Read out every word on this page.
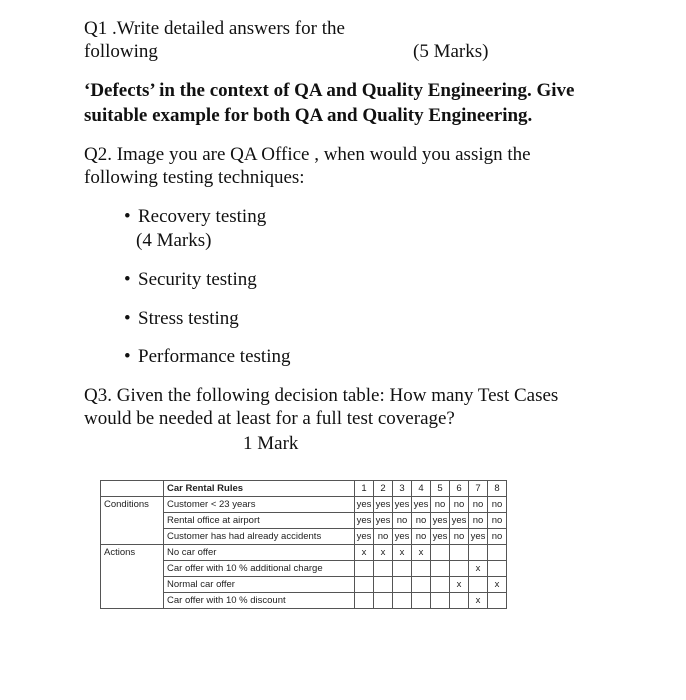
Q1 .Write detailed answers for the
following	(5 Marks)
‘Defects’ in the context of QA and Quality Engineering. Give
suitable example for both QA and Quality Engineering.
Q2. Image you are QA Office , when would you assign the
following testing techniques:
• Recovery testing
(4 Marks)
• Security testing
• Stress testing
• Performance testing
Q3. Given the following decision table: How many Test Cases
would be needed at least for a full test coverage?
1 Mark
	Car Rental Rules	1	2	3	4	5	6	7	8
Conditions	Customer < 23 years	yes	yes	yes	yes	no	no	no	no
	Rental office at airport	yes	yes	no	no	yes	yes	no	no
	Customer has had already accidents	yes	no	yes	no	yes	no	yes	no
Actions	No car offer	x	x	x	x				
	Car offer with 10 % additional charge							x	
	Normal car offer						x		x
	Car offer with 10 % discount							x	
